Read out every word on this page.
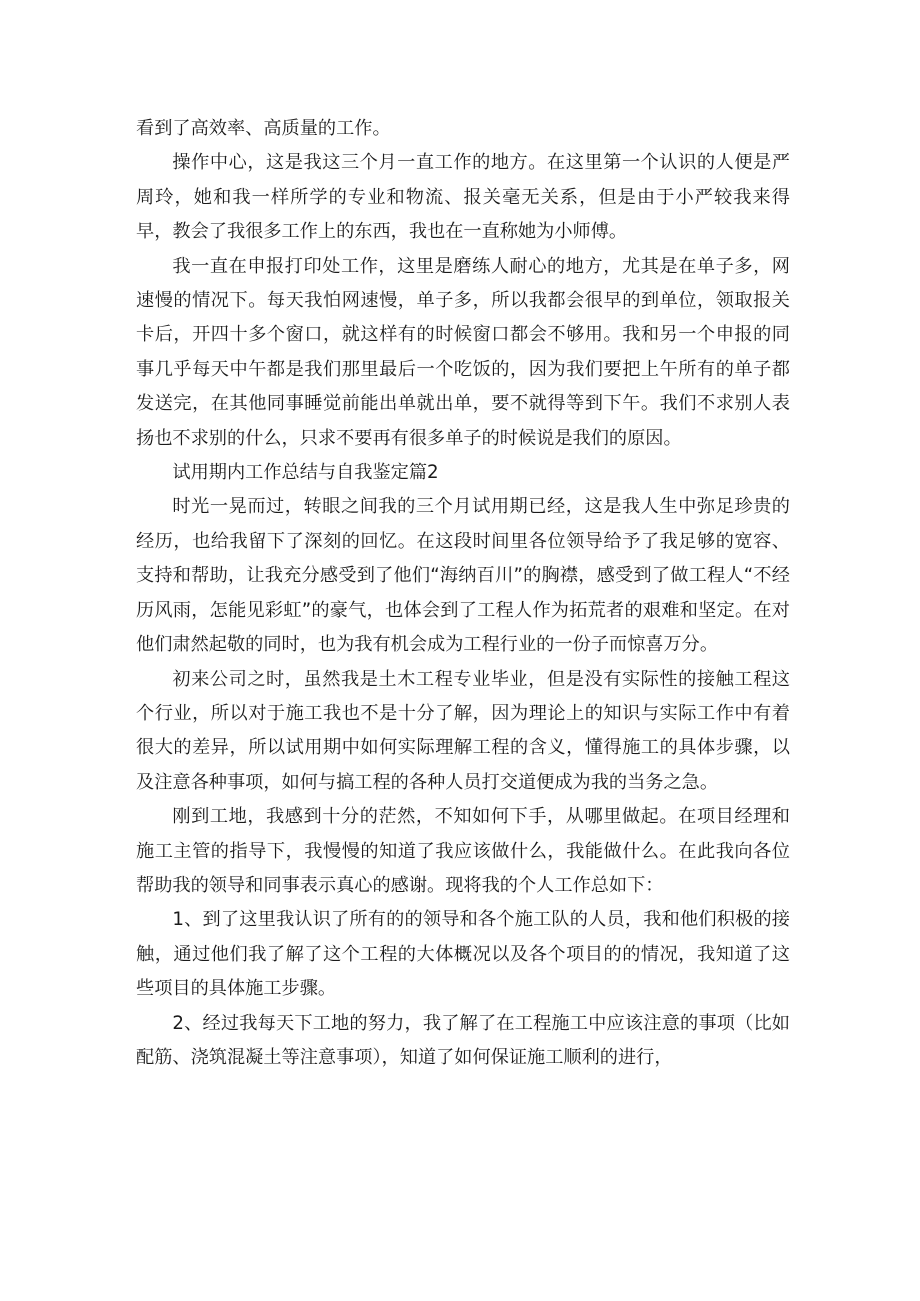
看到了高效率、高质量的工作。

操作中心，这是我这三个月一直工作的地方。在这里第一个认识的人便是严周玲，她和我一样所学的专业和物流、报关毫无关系，但是由于小严较我来得早，教会了我很多工作上的东西，我也在一直称她为小师傅。

我一直在申报打印处工作，这里是磨练人耐心的地方，尤其是在单子多，网速慢的情况下。每天我怕网速慢，单子多，所以我都会很早的到单位，领取报关卡后，开四十多个窗口，就这样有的时候窗口都会不够用。我和另一个申报的同事几乎每天中午都是我们那里最后一个吃饭的，因为我们要把上午所有的单子都发送完，在其他同事睡觉前能出单就出单，要不就得等到下午。我们不求别人表扬也不求别的什么，只求不要再有很多单子的时候说是我们的原因。

试用期内工作总结与自我鉴定篇2

时光一晃而过，转眼之间我的三个月试用期已经，这是我人生中弥足珍贵的经历，也给我留下了深刻的回忆。在这段时间里各位领导给予了我足够的宽容、支持和帮助，让我充分感受到了他们“海纳百川”的胸襟，感受到了做工程人“不经历风雨，怎能见彩虹”的豪气，也体会到了工程人作为拓荒者的艰难和坚定。在对他们肃然起敬的同时，也为我有机会成为工程行业的一份子而惊喜万分。

初来公司之时，虽然我是土木工程专业毕业，但是没有实际性的接触工程这个行业，所以对于施工我也不是十分了解，因为理论上的知识与实际工作中有着很大的差异，所以试用期中如何实际理解工程的含义，懂得施工的具体步骤，以及注意各种事项，如何与搞工程的各种人员打交道便成为我的当务之急。

刚到工地，我感到十分的茫然，不知如何下手，从哪里做起。在项目经理和施工主管的指导下，我慢慢的知道了我应该做什么，我能做什么。在此我向各位帮助我的领导和同事表示真心的感谢。现将我的个人工作总如下：

1、到了这里我认识了所有的的领导和各个施工队的人员，我和他们积极的接触，通过他们我了解了这个工程的大体概况以及各个项目的的情况，我知道了这些项目的具体施工步骤。

2、经过我每天下工地的努力，我了解了在工程施工中应该注意的事项（比如配筋、浇筑混凝土等注意事项），知道了如何保证施工顺利的进行，
